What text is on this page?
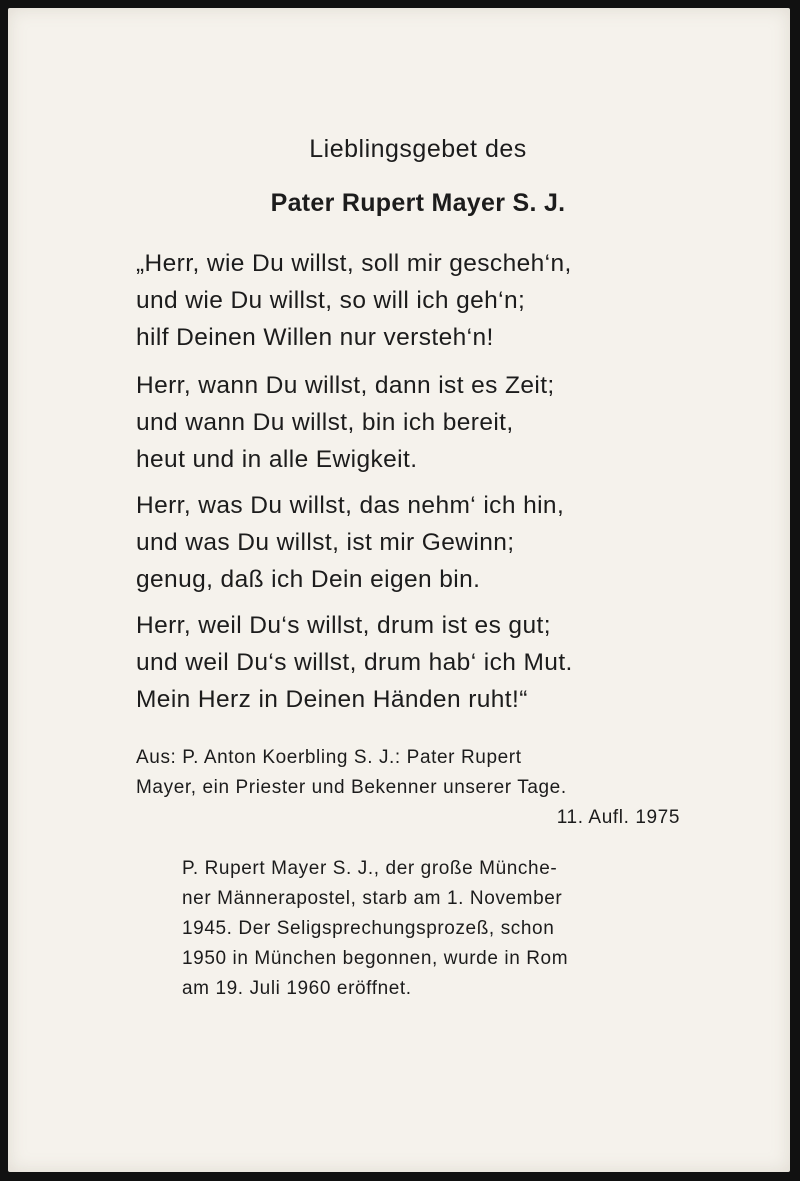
Lieblingsgebet des
Pater Rupert Mayer S. J.
„Herr, wie Du willst, soll mir gescheh‘n,
und wie Du willst, so will ich geh‘n;
hilf Deinen Willen nur versteh‘n!
Herr, wann Du willst, dann ist es Zeit;
und wann Du willst, bin ich bereit,
heut und in alle Ewigkeit.
Herr, was Du willst, das nehm‘ ich hin,
und was Du willst, ist mir Gewinn;
genug, daß ich Dein eigen bin.
Herr, weil Du‘s willst, drum ist es gut;
und weil Du‘s willst, drum hab‘ ich Mut.
Mein Herz in Deinen Händen ruht!“
Aus: P. Anton Koerbling S. J.: Pater Rupert
Mayer, ein Priester und Bekenner unserer Tage.
11. Aufl. 1975
P. Rupert Mayer S. J., der große Münche-
ner Männerapostel, starb am 1. November
1945. Der Seligsprechungsprozeß, schon
1950 in München begonnen, wurde in Rom
am 19. Juli 1960 eröffnet.
